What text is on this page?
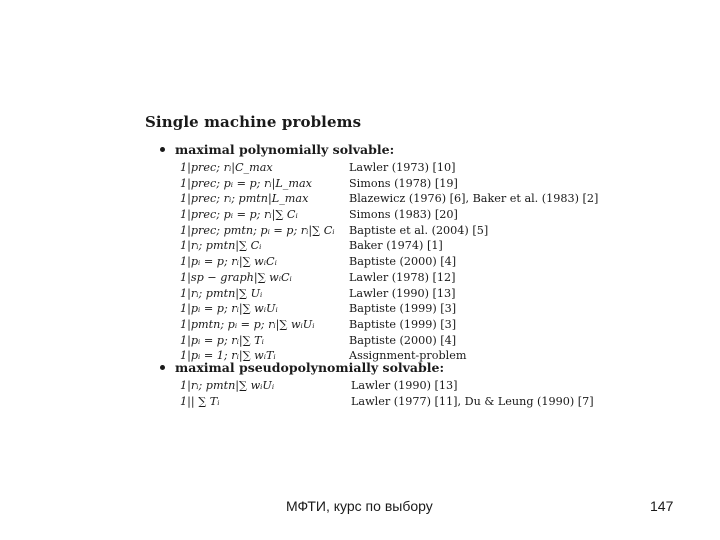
Single machine problems
maximal polynomially solvable:
1|prec; rᵢ|C_max	Lawler (1973) [10]
1|prec; pᵢ = p; rᵢ|L_max	Simons (1978) [19]
1|prec; rᵢ; pmtn|L_max	Blazewicz (1976) [6], Baker et al. (1983) [2]
1|prec; pᵢ = p; rᵢ|∑ Cᵢ	Simons (1983) [20]
1|prec; pmtn; pᵢ = p; rᵢ|∑ Cᵢ	Baptiste et al. (2004) [5]
1|rᵢ; pmtn|∑ Cᵢ	Baker (1974) [1]
1|pᵢ = p; rᵢ|∑ wᵢCᵢ	Baptiste (2000) [4]
1|sp − graph|∑ wᵢCᵢ	Lawler (1978) [12]
1|rᵢ; pmtn|∑ Uᵢ	Lawler (1990) [13]
1|pᵢ = p; rᵢ|∑ wᵢUᵢ	Baptiste (1999) [3]
1|pmtn; pᵢ = p; rᵢ|∑ wᵢUᵢ	Baptiste (1999) [3]
1|pᵢ = p; rᵢ|∑ Tᵢ	Baptiste (2000) [4]
1|pᵢ = 1; rᵢ|∑ wᵢTᵢ	Assignment-problem
maximal pseudopolynomially solvable:
1|rᵢ; pmtn|∑ wᵢUᵢ	Lawler (1990) [13]
1|| ∑ Tᵢ	Lawler (1977) [11], Du & Leung (1990) [7]
МФТИ, курс по выбору	147
